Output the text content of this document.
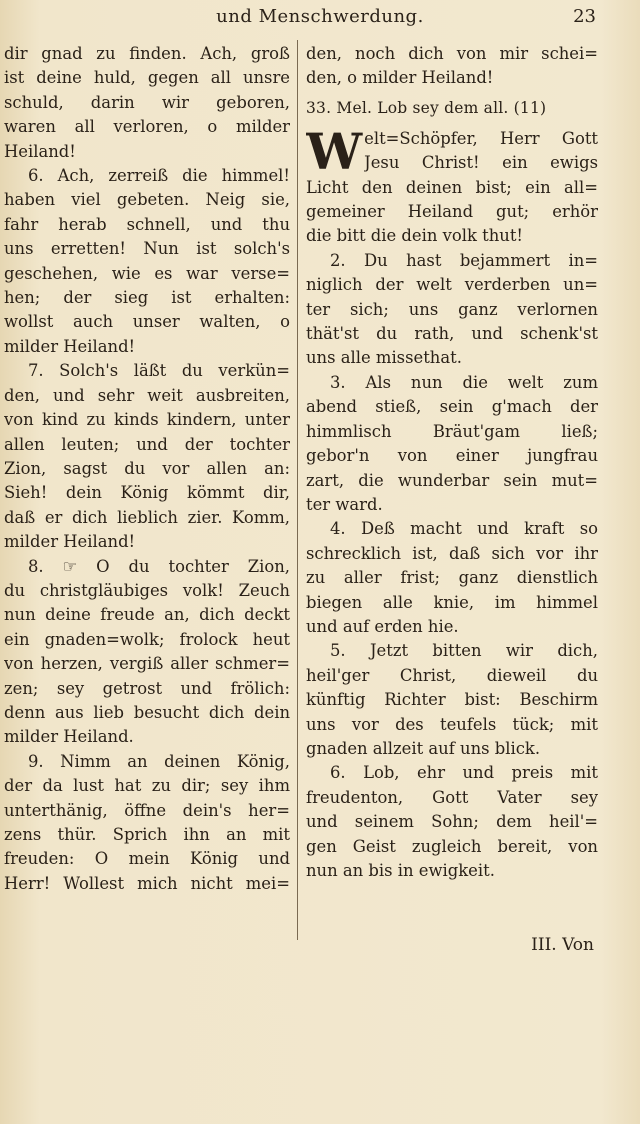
und Menschwerdung.	23
dir gnad zu finden. Ach, groß
ist deine huld, gegen all unsre
schuld, darin wir geboren,
waren all verloren, o milder
Heiland!
6. Ach, zerreiß die himmel!
haben viel gebeten. Neig sie,
fahr herab schnell, und thu
uns erretten! Nun ist solch's
geschehen, wie es war verse=
hen; der sieg ist erhalten:
wollst auch unser walten, o
milder Heiland!
7. Solch's läßt du verkün=
den, und sehr weit ausbreiten,
von kind zu kinds kindern, unter
allen leuten; und der tochter
Zion, sagst du vor allen an:
Sieh! dein König kömmt dir,
daß er dich lieblich zier. Komm,
milder Heiland!
8. ☞ O du tochter Zion,
du christgläubiges volk! Zeuch
nun deine freude an, dich deckt
ein gnaden=wolk; frolock heut
von herzen, vergiß aller schmer=
zen; sey getrost und frölich:
denn aus lieb besucht dich dein
milder Heiland.
9. Nimm an deinen König,
der da lust hat zu dir; sey ihm
unterthänig, öffne dein's her=
zens thür. Sprich ihn an mit
freuden: O mein König und
Herr! Wollest mich nicht mei=
den, noch dich von mir schei=
den, o milder Heiland!
33. Mel. Lob sey dem all. (11)
W elt=Schöpfer, Herr Gott
Jesu Christ! ein ewigs
Licht den deinen bist; ein all=
gemeiner Heiland gut; erhör
die bitt die dein volk thut!
2. Du hast bejammert in=
niglich der welt verderben un=
ter sich; uns ganz verlornen
thät'st du rath, und schenk'st
uns alle missethat.
3. Als nun die welt zum
abend stieß, sein g'mach der
himmlisch Bräut'gam ließ;
gebor'n von einer jungfrau
zart, die wunderbar sein mut=
ter ward.
4. Deß macht und kraft so
schrecklich ist, daß sich vor ihr
zu aller frist; ganz dienstlich
biegen alle knie, im himmel
und auf erden hie.
5. Jetzt bitten wir dich,
heil'ger Christ, dieweil du
künftig Richter bist: Beschirm
uns vor des teufels tück; mit
gnaden allzeit auf uns blick.
6. Lob, ehr und preis mit
freudenton, Gott Vater sey
und seinem Sohn; dem heil'=
gen Geist zugleich bereit, von
nun an bis in ewigkeit.
III. Von
